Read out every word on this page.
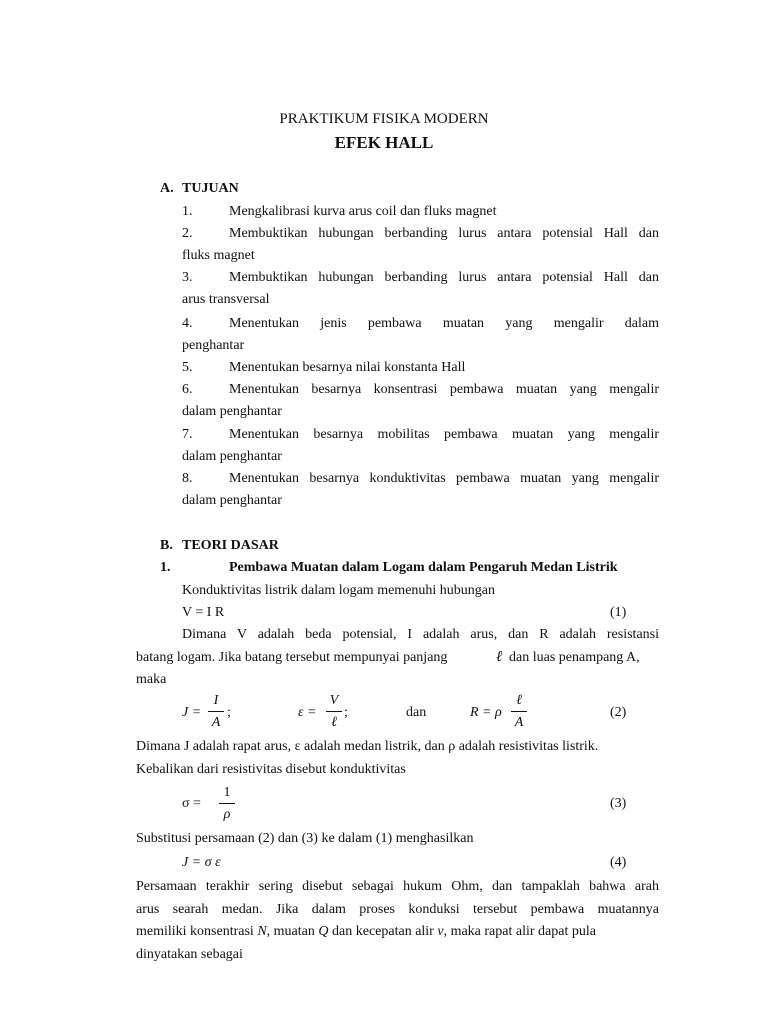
PRAKTIKUM FISIKA MODERN
EFEK HALL
A. TUJUAN
1.	Mengkalibrasi kurva arus coil dan fluks magnet
2.	Membuktikan hubungan berbanding lurus antara potensial Hall dan
fluks magnet
3.	Membuktikan hubungan berbanding lurus antara potensial Hall dan
arus transversal
4.	Menentukan jenis pembawa muatan yang mengalir dalam
penghantar
5.	Menentukan besarnya nilai konstanta Hall
6.	Menentukan besarnya konsentrasi pembawa muatan yang mengalir
dalam penghantar
7.	Menentukan besarnya mobilitas pembawa muatan yang mengalir
dalam penghantar
8.	Menentukan besarnya konduktivitas pembawa muatan yang mengalir
dalam penghantar
B. TEORI DASAR
1.	Pembawa Muatan dalam Logam dalam Pengaruh Medan Listrik
Konduktivitas listrik dalam logam memenuhi hubungan
V = I R	(1)
Dimana V adalah beda potensial, I adalah arus, dan R adalah resistansi
batang logam. Jika batang tersebut mempunyai panjang	ℓ dan luas penampang A,
maka
J =
I
A
;	ε =
V
ℓ
;	dan	R = ρ
ℓ
A
(2)
Dimana J adalah rapat arus, ε adalah medan listrik, dan ρ adalah resistivitas listrik.
Kebalikan dari resistivitas disebut konduktivitas
σ =
1
ρ
(3)
Substitusi persamaan (2) dan (3) ke dalam (1) menghasilkan
J = σ ε	(4)
Persamaan terakhir sering disebut sebagai hukum Ohm, dan tampaklah bahwa arah
arus searah medan. Jika dalam proses konduksi tersebut pembawa muatannya
memiliki konsentrasi N, muatan Q dan kecepatan alir v, maka rapat alir dapat pula
dinyatakan sebagai
